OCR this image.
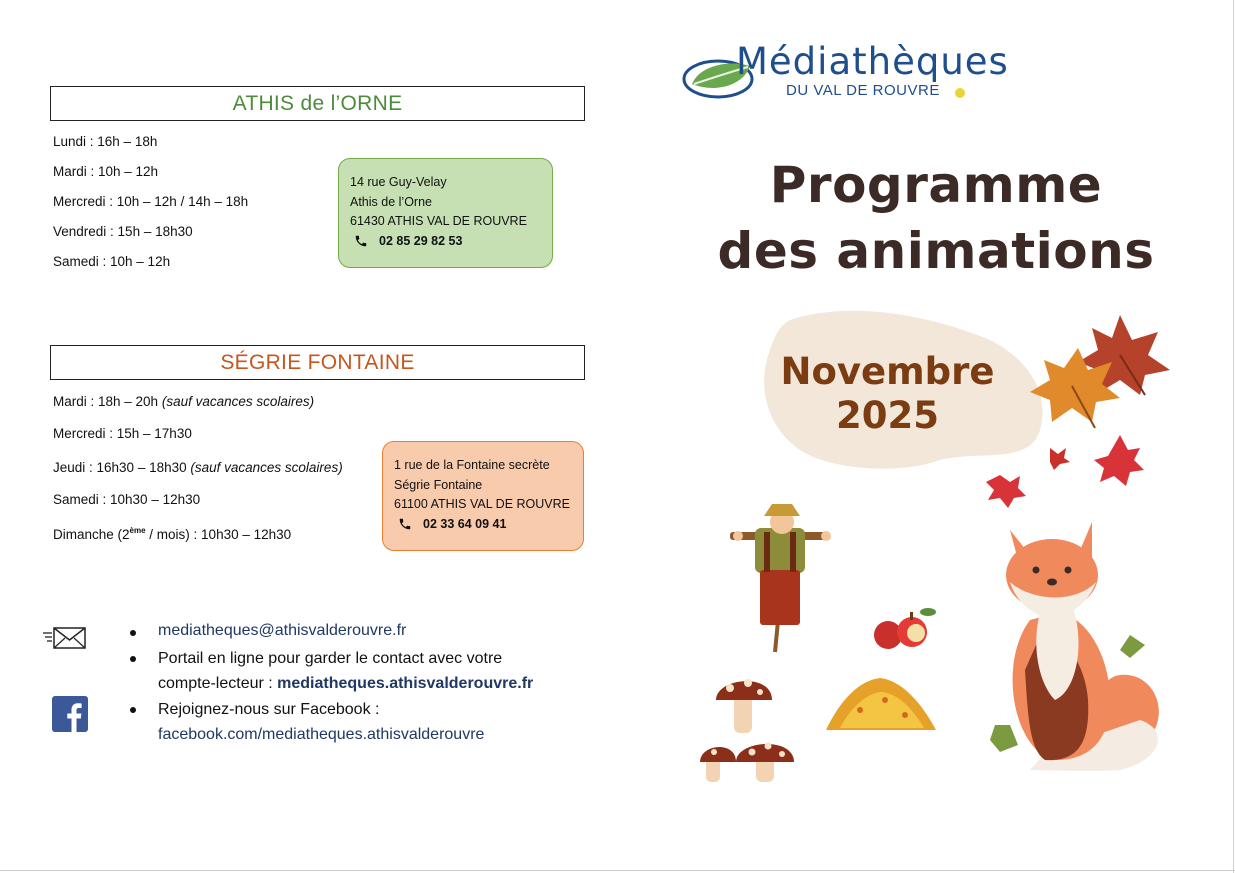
ATHIS de l’ORNE
Lundi : 16h – 18h
Mardi : 10h – 12h
Mercredi : 10h – 12h / 14h – 18h
Vendredi : 15h – 18h30
Samedi : 10h – 12h
14 rue Guy-Velay
Athis de l’Orne
61430 ATHIS VAL DE ROUVRE
02 85 29 82 53
SÉGRIE FONTAINE
Mardi : 18h – 20h (sauf vacances scolaires)
Mercredi : 15h – 17h30
Jeudi : 16h30 – 18h30 (sauf vacances scolaires)
Samedi : 10h30 – 12h30
Dimanche (2ème / mois) : 10h30 – 12h30
1 rue de la Fontaine secrète
Ségrie Fontaine
61100 ATHIS VAL DE ROUVRE
02 33 64 09 41
mediatheques@athisvalderouvre.fr
Portail en ligne pour garder le contact avec votre
compte-lecteur : mediatheques.athisvalderouvre.fr
Rejoignez-nous sur Facebook :
facebook.com/mediatheques.athisvalderouvre
Médiathèques
DU VAL DE ROUVRE
Programme
des animations
Novembre
2025
